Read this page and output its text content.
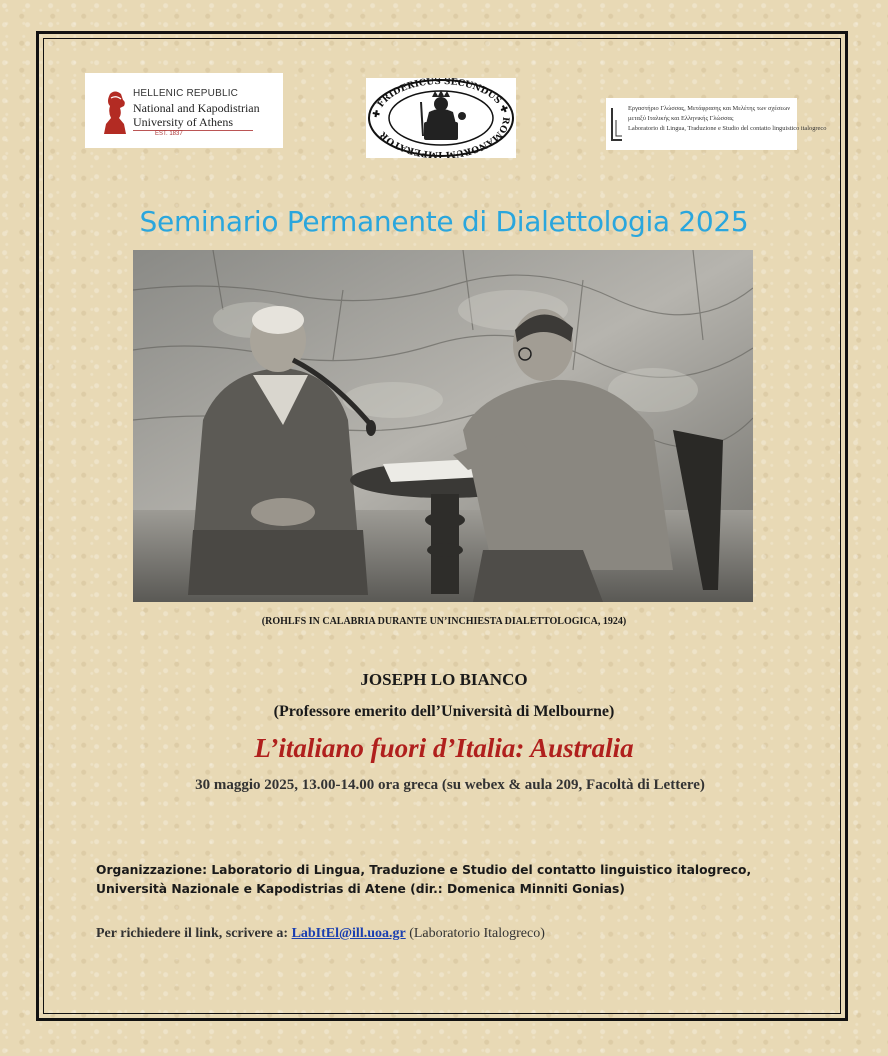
HELLENIC REPUBLIC
National and Kapodistrian
University of Athens
EST. 1837
✚ FRIDERICUS SECUNDUS ✚ ROMANORUM IMPERATOR
Εργαστήριο Γλώσσας, Μετάφρασης και Μελέτης των σχέσεων
μεταξύ Ιταλικής και Ελληνικής Γλώσσας
Laboratorio di Lingua, Traduzione e Studio del contatto linguistico italogreco
Seminario Permanente di Dialettologia 2025
(ROHLFS IN CALABRIA DURANTE UN’INCHIESTA DIALETTOLOGICA, 1924)
JOSEPH LO BIANCO
(Professore emerito dell’Università di Melbourne)
L’italiano fuori d’Italia: Australia
30 maggio 2025, 13.00-14.00 ora greca (su webex & aula 209, Facoltà di Lettere)
Organizzazione: Laboratorio di Lingua, Traduzione e Studio del contatto linguistico italogreco,
Università Nazionale e Kapodistrias di Atene (dir.: Domenica Minniti Gonias)
Per richiedere il link, scrivere a: LabItEl@ill.uoa.gr (Laboratorio Italogreco)
